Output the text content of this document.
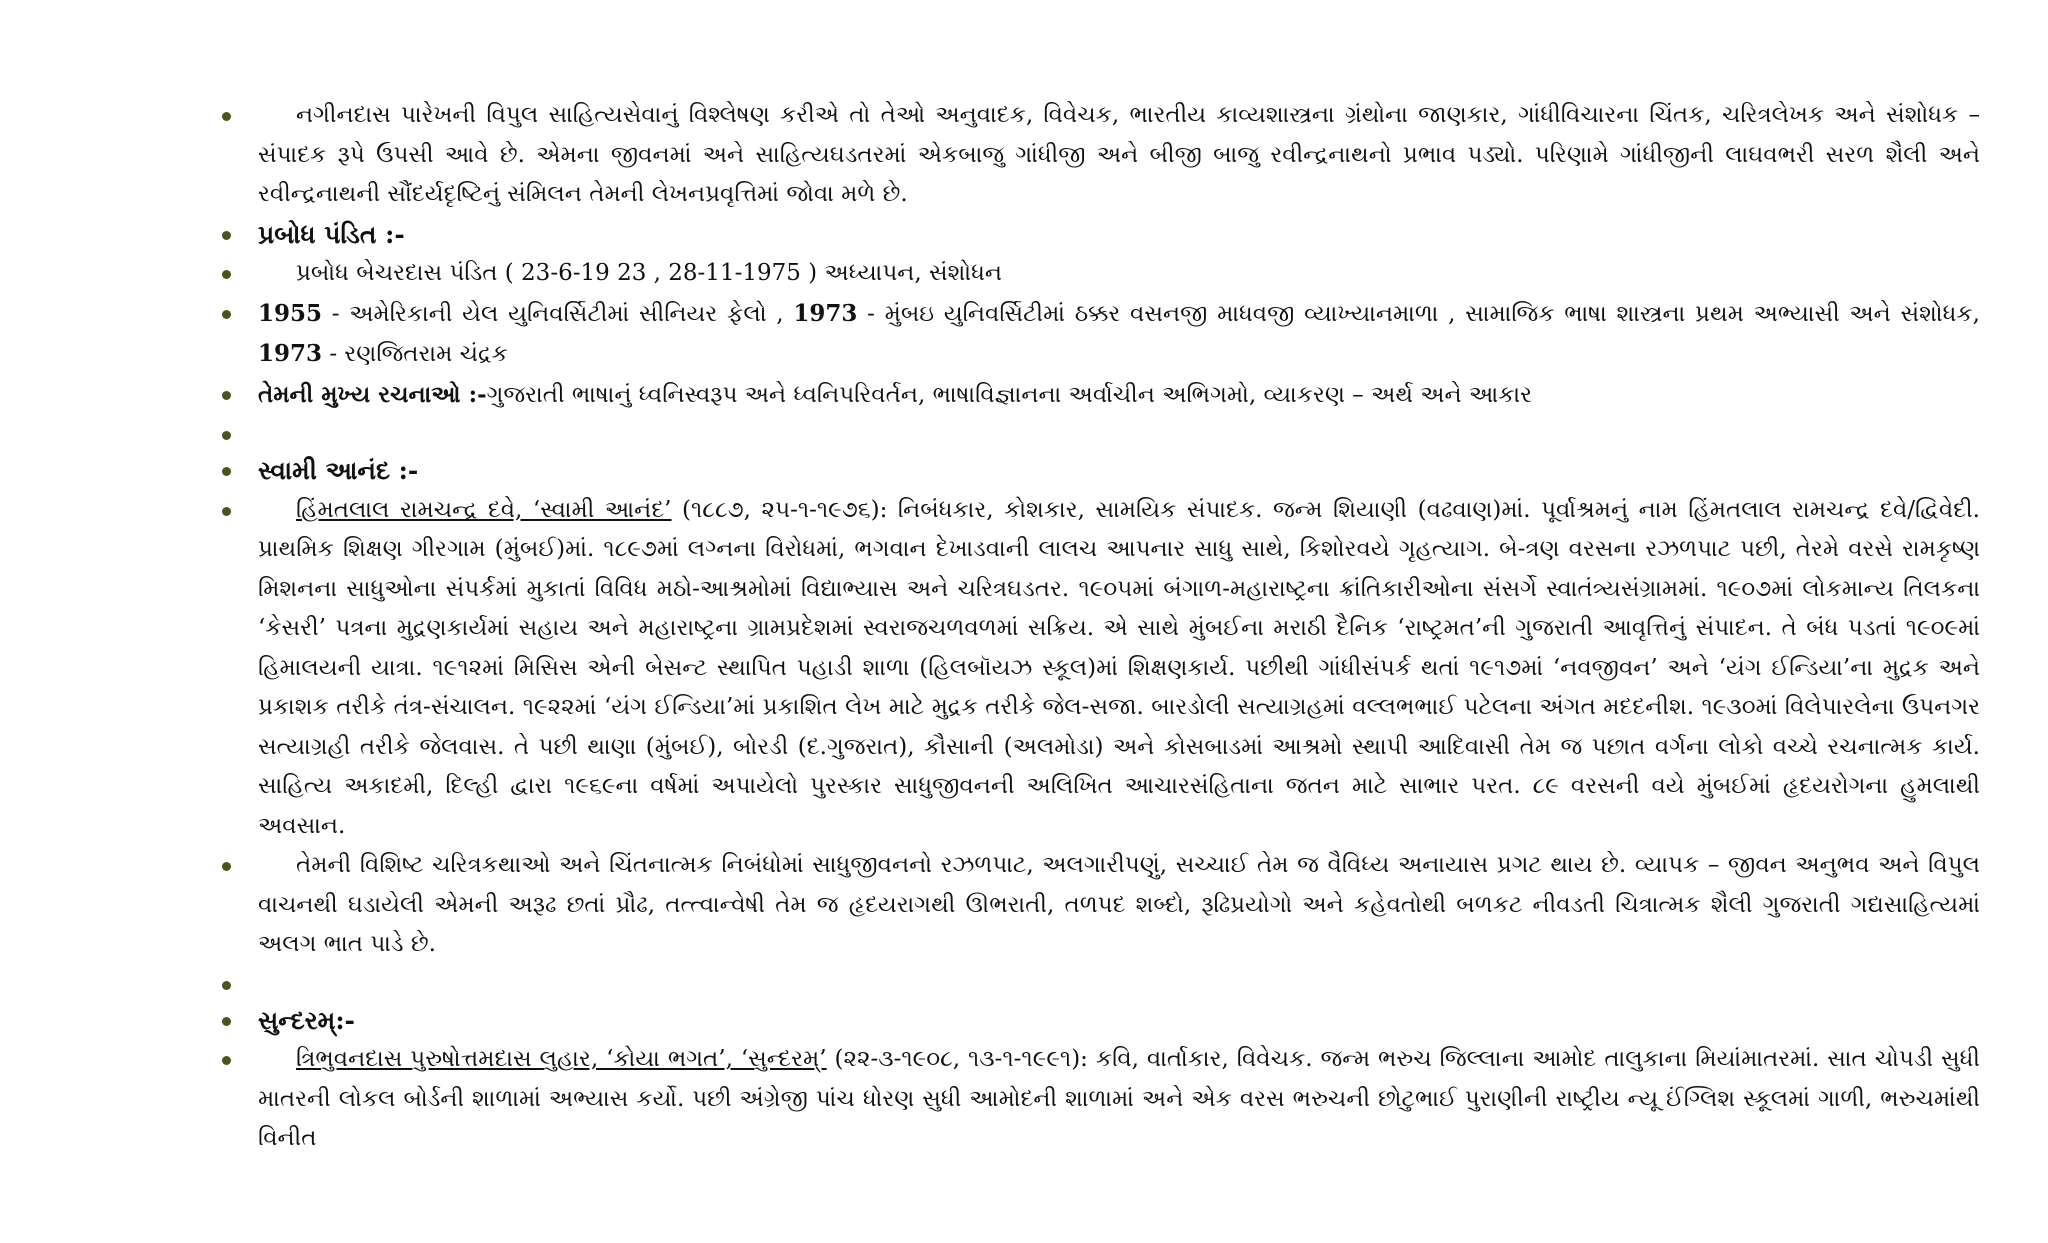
નગીનદાસ પારેખની વિપુલ સાહિત્યસેવાનું વિશ્લેષણ કરીએ તો તેઓ અનુવાદક, વિવેચક, ભારતીય કાવ્યશાસ્ત્રના ગ્રંથોના જાણકાર, ગાંધીવિચારના ચિંતક, ચરિત્રલેખક અને સંશોધક – સંપાદક રૂપે ઉપસી આવે છે. એમના જીવનમાં અને સાહિત્યઘડતરમાં એકબાજુ ગાંધીજી અને બીજી બાજુ રવીન્દ્રનાથનો પ્રભાવ પડ્યો. પરિણામે ગાંધીજીની લાઘવભરી સરળ શૈલી અને રવીન્દ્રનાથની સૌંદર્યદૃષ્ટિનું સંમિલન તેમની લેખનપ્રવૃત્તિમાં જોવા મળે છે.
પ્રબોધ પંડિત :-
પ્રબોધ બેચરદાસ પંડિત ( 23-6-19 23 , 28-11-1975 ) અધ્યાપન, સંશોધન
1955 - અમેરિકાની યેલ યુનિવર્સિટીમાં સીનિયર ફેલો , 1973 - મુંબઇ યુનિવર્સિટીમાં ઠક્કર વસનજી માધવજી વ્યાખ્યાનમાળા , સામાજિક ભાષા શાસ્ત્રના પ્રથમ અભ્યાસી અને સંશોધક, 1973 - રણજિતરામ ચંદ્રક
તેમની મુખ્ય રચનાઓ :-ગુજરાતી ભાષાનું ધ્વનિસ્વરૂપ અને ધ્વનિપરિવર્તન, ભાષાવિજ્ઞાનના અર્વાચીન અભિગમો, વ્યાકરણ – અર્થ અને આકાર
સ્વામી આનંદ :-
હિંમતલાલ રામચન્દ્ર દવે, ‘સ્વામી આનંદ’ (૧૮૮૭, ૨૫-૧-૧૯૭૬): નિબંધકાર, કોશકાર, સામયિક સંપાદક. જન્મ શિયાણી (વઢવાણ)માં. પૂર્વાશ્રમનું નામ હિંમતલાલ રામચન્દ્ર દવે/દ્વિવેદી. પ્રાથમિક શિક્ષણ ગીરગામ (મુંબઈ)માં. ૧૮૯૭માં લગ્નના વિરોધમાં, ભગવાન દેખાડવાની લાલચ આપનાર સાધુ સાથે, કિશોરવયે ગૃહત્યાગ. બે-ત્રણ વરસના રઝળપાટ પછી, તેરમે વરસે રામકૃષ્ણ મિશનના સાધુઓના સંપર્કમાં મુકાતાં વિવિધ મઠો-આશ્રમોમાં વિદ્યાભ્યાસ અને ચરિત્રઘડતર. ૧૯૦૫માં બંગાળ-મહારાષ્ટ્રના ક્રાંતિકારીઓના સંસર્ગે સ્વાતંત્ર્યસંગ્રામમાં. ૧૯૦૭માં લોકમાન્ય તિલકના ‘કેસરી’ પત્રના મુદ્રણકાર્યમાં સહાય અને મહારાષ્ટ્રના ગ્રામપ્રદેશમાં સ્વરાજચળવળમાં સક્રિય. એ સાથે મુંબઈના મરાઠી દૈનિક ‘રાષ્ટ્રમત’ની ગુજરાતી આવૃત્તિનું સંપાદન. તે બંધ પડતાં ૧૯૦૯માં હિમાલયની યાત્રા. ૧૯૧૨માં મિસિસ એની બેસન્ટ સ્થાપિત પહાડી શાળા (હિલબૉયઝ સ્કૂલ)માં શિક્ષણકાર્ય. પછીથી ગાંધીસંપર્ક થતાં ૧૯૧૭માં ‘નવજીવન’ અને ‘યંગ ઈન્ડિયા’ના મુદ્રક અને પ્રકાશક તરીકે તંત્ર-સંચાલન. ૧૯૨૨માં ‘યંગ ઈન્ડિયા’માં પ્રકાશિત લેખ માટે મુદ્રક તરીકે જેલ-સજા. બારડોલી સત્યાગ્રહમાં વલ્લભભાઈ પટેલના અંગત મદદનીશ. ૧૯૩૦માં વિલેપારલેના ઉપનગર સત્યાગ્રહી તરીકે જેલવાસ. તે પછી થાણા (મુંબઈ), બોરડી (દ.ગુજરાત), કૌસાની (અલમોડા) અને કોસબાડમાં આશ્રમો સ્થાપી આદિવાસી તેમ જ પછાત વર્ગના લોકો વચ્ચે રચનાત્મક કાર્ય. સાહિત્ય અકાદમી, દિલ્હી દ્વારા ૧૯૬૯ના વર્ષમાં અપાયેલો પુરસ્કાર સાધુજીવનની અલિખિત આચારસંહિતાના જતન માટે સાભાર પરત. ૮૯ વરસની વયે મુંબઈમાં હૃદયરોગના હુમલાથી અવસાન.
તેમની વિશિષ્ટ ચરિત્રકથાઓ અને ચિંતનાત્મક નિબંધોમાં સાધુજીવનનો રઝળપાટ, અલગારીપણું, સચ્ચાઈ તેમ જ વૈવિધ્ય અનાયાસ પ્રગટ થાય છે. વ્યાપક – જીવન અનુભવ અને વિપુલ વાચનથી ઘડાયેલી એમની અરૂઢ છતાં પ્રૌઢ, તત્ત્વાન્વેષી તેમ જ હૃદયરાગથી ઊભરાતી, તળપદ શબ્દો, રૂઢિપ્રયોગો અને કહેવતોથી બળકટ નીવડતી ચિત્રાત્મક શૈલી ગુજરાતી ગદ્યસાહિત્યમાં અલગ ભાત પાડે છે.
સુન્દરમ્:-
ત્રિભુવનદાસ પુરુષોત્તમદાસ લુહાર, ‘કોયા ભગત’, ‘સુન્દરમ્’ (૨૨-૩-૧૯૦૮, ૧૩-૧-૧૯૯૧): કવિ, વાર્તાકાર, વિવેચક. જન્મ ભરુચ જિલ્લાના આમોદ તાલુકાના મિયાંમાતરમાં. સાત ચોપડી સુધી માતરની લોકલ બોર્ડની શાળામાં અભ્યાસ કર્યો. પછી અંગ્રેજી પાંચ ધોરણ સુધી આમોદની શાળામાં અને એક વરસ ભરુચની છોટુભાઈ પુરાણીની રાષ્ટ્રીય ન્યૂ ઈંગ્લિશ સ્કૂલમાં ગાળી, ભરુચમાંથી વિનીત
